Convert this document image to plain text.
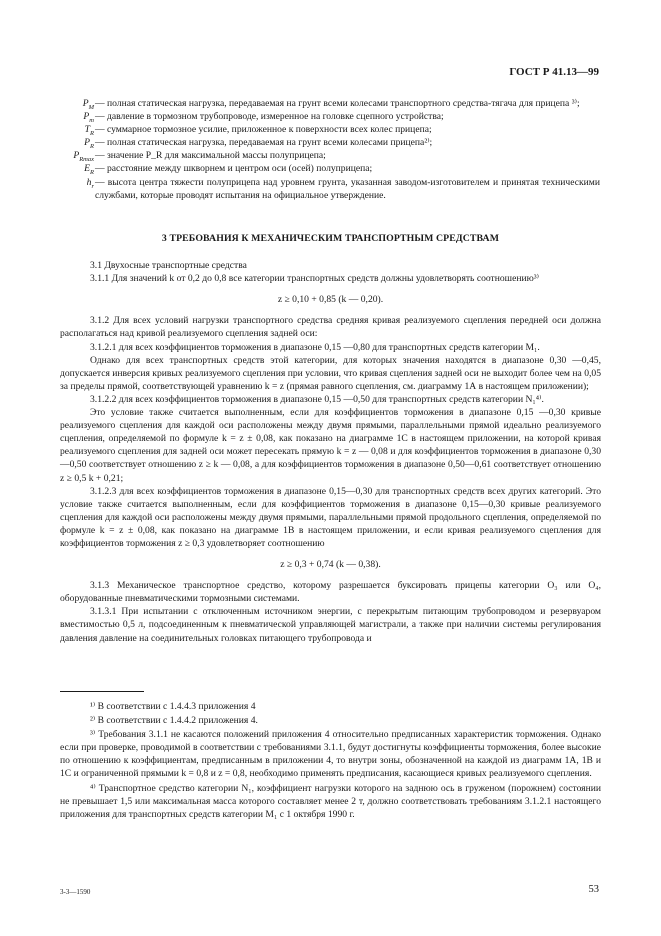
ГОСТ Р 41.13—99
$P_M$	— полная статическая нагрузка, передаваемая на грунт всеми колесами транспортного средства-тягача для прицепа ³⁾;
$P_m$	— давление в тормозном трубопроводе, измеренное на головке сцепного устройства;
$T_R$	— суммарное тормозное усилие, приложенное к поверхности всех колес прицепа;
$P_R$	— полная статическая нагрузка, передаваемая на грунт всеми колесами прицепа²⁾;
$P_{Rmax}$	— значение P_R для максимальной массы полуприцепа;
$E_R$	— расстояние между шкворнем и центром оси (осей) полуприцепа;
$h_r$	— высота центра тяжести полуприцепа над уровнем грунта, указанная заводом-изготовителем и принятая техническими службами, которые проводят испытания на официальное утверждение.
3 ТРЕБОВАНИЯ К МЕХАНИЧЕСКИМ ТРАНСПОРТНЫМ СРЕДСТВАМ

3.1 Двухосные транспортные средства

3.1.1 Для значений k от 0,2 до 0,8 все категории транспортных средств должны удовлетворять соотношению³⁾

z ≥ 0,10 + 0,85 (k — 0,20).

3.1.2 Для всех условий нагрузки транспортного средства средняя кривая реализуемого сцепления передней оси должна располагаться над кривой реализуемого сцепления задней оси:

3.1.2.1 для всех коэффициентов торможения в диапазоне 0,15 —0,80 для транспортных средств категории M₁.

Однако для всех транспортных средств этой категории, для которых значения находятся в диапазоне 0,30 —0,45, допускается инверсия кривых реализуемого сцепления при условии, что кривая сцепления задней оси не выходит более чем на 0,05 за пределы прямой, соответствующей уравнению k = z (прямая равного сцепления, см. диаграмму 1А в настоящем приложении);

3.1.2.2 для всех коэффициентов торможения в диапазоне 0,15 —0,50 для транспортных средств категории N₁⁴⁾.

Это условие также считается выполненным, если для коэффициентов торможения в диапазоне 0,15 —0,30 кривые реализуемого сцепления для каждой оси расположены между двумя прямыми, параллельными прямой идеально реализуемого сцепления, определяемой по формуле k = z ± 0,08, как показано на диаграмме 1С в настоящем приложении, на которой кривая реализуемого сцепления для задней оси может пересекать прямую k = z — 0,08 и для коэффициентов торможения в диапазоне 0,30—0,50 соответствует отношению z ≥ k — 0,08, а для коэффициентов торможения в диапазоне 0,50—0,61 соответствует отношению z ≥ 0,5 k + 0,21;

3.1.2.3 для всех коэффициентов торможения в диапазоне 0,15—0,30 для транспортных средств всех других категорий. Это условие также считается выполненным, если для коэффициентов торможения в диапазоне 0,15—0,30 кривые реализуемого сцепления для каждой оси расположены между двумя прямыми, параллельными прямой продольного сцепления, определяемой по формуле k = z ± 0,08, как показано на диаграмме 1В в настоящем приложении, и если кривая реализуемого сцепления для коэффициентов торможения z ≥ 0,3 удовлетворяет соотношению

z ≥ 0,3 + 0,74 (k — 0,38).

3.1.3 Механическое транспортное средство, которому разрешается буксировать прицепы категории O₃ или O₄, оборудованные пневматическими тормозными системами.

3.1.3.1 При испытании с отключенным источником энергии, с перекрытым питающим трубопроводом и резервуаром вместимостью 0,5 л, подсоединенным к пневматической управляющей магистрали, а также при наличии системы регулирования давления давление на соединительных головках питающего трубопровода и

¹⁾ В соответствии с 1.4.4.3 приложения 4

²⁾ В соответствии с 1.4.4.2 приложения 4.

³⁾ Требования 3.1.1 не касаются положений приложения 4 относительно предписанных характеристик торможения. Однако если при проверке, проводимой в соответствии с требованиями 3.1.1, будут достигнуты коэффициенты торможения, более высокие по отношению к коэффициентам, предписанным в приложении 4, то внутри зоны, обозначенной на каждой из диаграмм 1А, 1В и 1С и ограниченной прямыми k = 0,8 и z = 0,8, необходимо применять предписания, касающиеся кривых реализуемого сцепления.

⁴⁾ Транспортное средство категории N₁, коэффициент нагрузки которого на заднюю ось в груженом (порожнем) состоянии не превышает 1,5 или максимальная масса которого составляет менее 2 т, должно соответствовать требованиям 3.1.2.1 настоящего приложения для транспортных средств категории M₁ с 1 октября 1990 г.

3-3—1590	53
